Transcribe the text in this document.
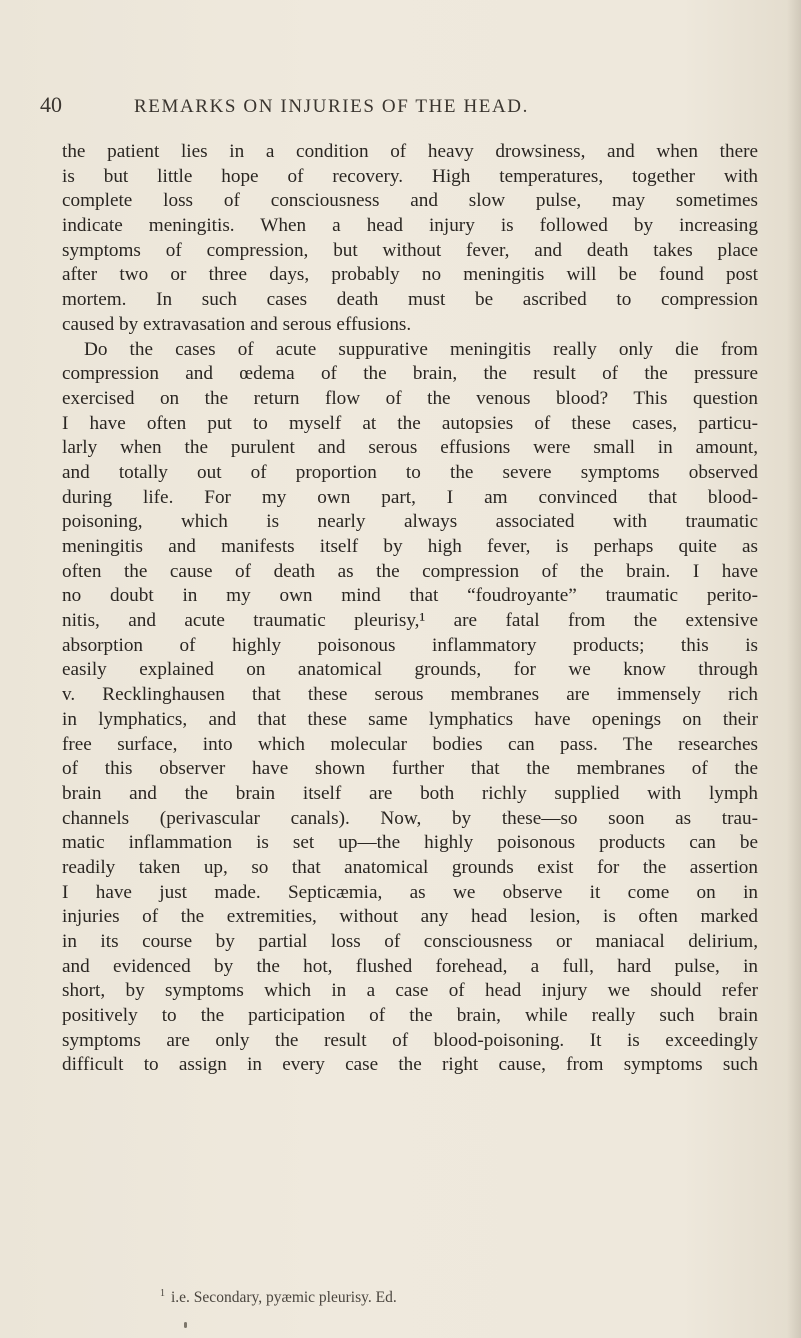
40	REMARKS ON INJURIES OF THE HEAD.
the patient lies in a condition of heavy drowsiness, and when there
is but little hope of recovery. High temperatures, together with
complete loss of consciousness and slow pulse, may sometimes
indicate meningitis. When a head injury is followed by increasing
symptoms of compression, but without fever, and death takes place
after two or three days, probably no meningitis will be found post
mortem. In such cases death must be ascribed to compression
caused by extravasation and serous effusions.
Do the cases of acute suppurative meningitis really only die from
compression and œdema of the brain, the result of the pressure
exercised on the return flow of the venous blood? This question
I have often put to myself at the autopsies of these cases, particu-
larly when the purulent and serous effusions were small in amount,
and totally out of proportion to the severe symptoms observed
during life. For my own part, I am convinced that blood-
poisoning, which is nearly always associated with traumatic
meningitis and manifests itself by high fever, is perhaps quite as
often the cause of death as the compression of the brain. I have
no doubt in my own mind that “foudroyante” traumatic perito-
nitis, and acute traumatic pleurisy,¹ are fatal from the extensive
absorption of highly poisonous inflammatory products; this is
easily explained on anatomical grounds, for we know through
v. Recklinghausen that these serous membranes are immensely rich
in lymphatics, and that these same lymphatics have openings on their
free surface, into which molecular bodies can pass. The researches
of this observer have shown further that the membranes of the
brain and the brain itself are both richly supplied with lymph
channels (perivascular canals). Now, by these—so soon as trau-
matic inflammation is set up—the highly poisonous products can be
readily taken up, so that anatomical grounds exist for the assertion
I have just made. Septicæmia, as we observe it come on in
injuries of the extremities, without any head lesion, is often marked
in its course by partial loss of consciousness or maniacal delirium,
and evidenced by the hot, flushed forehead, a full, hard pulse, in
short, by symptoms which in a case of head injury we should refer
positively to the participation of the brain, while really such brain
symptoms are only the result of blood-poisoning. It is exceedingly
difficult to assign in every case the right cause, from symptoms such
$^1$ i.e. Secondary, pyæmic pleurisy. Ed.
